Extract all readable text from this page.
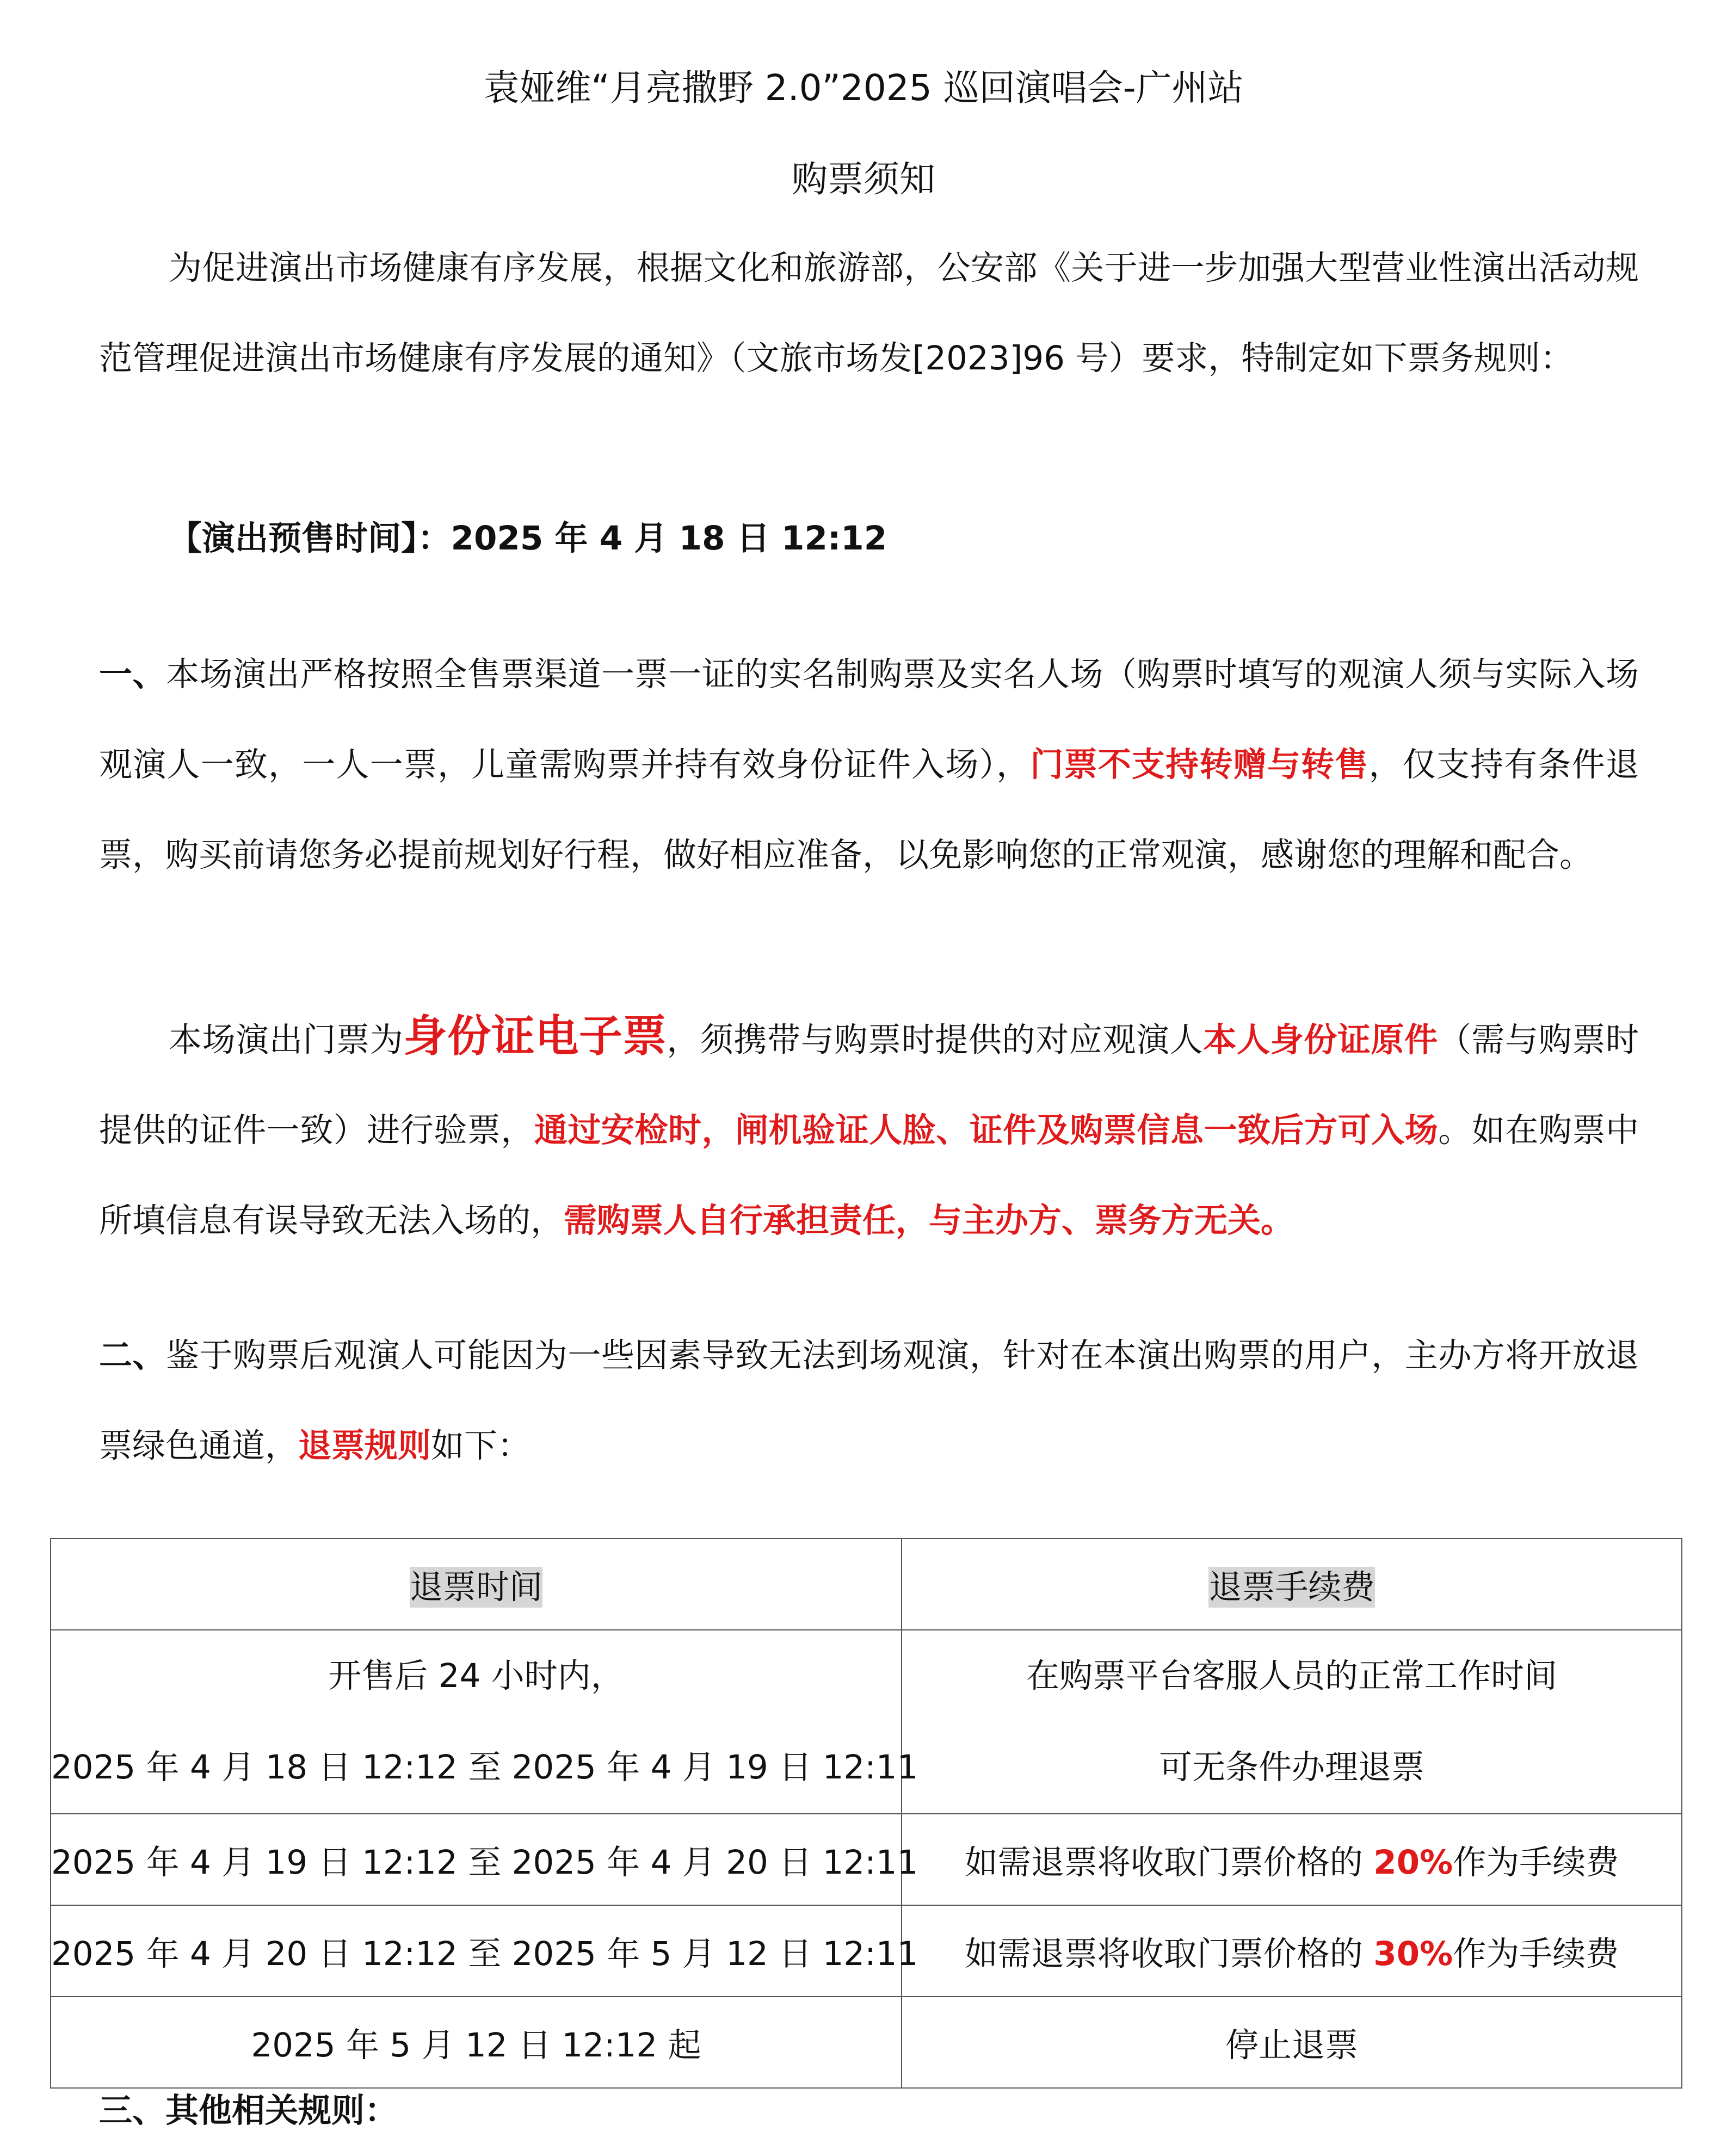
袁娅维“月亮撒野 2.0”2025 巡回演唱会-广州站
购票须知
为促进演出市场健康有序发展，根据文化和旅游部，公安部《关于进一步加强大型营业性演出活动规范管理促进演出市场健康有序发展的通知》（文旅市场发[2023]96 号）要求，特制定如下票务规则：
【演出预售时间】：2025 年 4 月 18 日 12:12
一、本场演出严格按照全售票渠道一票一证的实名制购票及实名人场（购票时填写的观演人须与实际入场观演人一致，一人一票，儿童需购票并持有效身份证件入场），门票不支持转赠与转售，仅支持有条件退票，购买前请您务必提前规划好行程，做好相应准备，以免影响您的正常观演，感谢您的理解和配合。
本场演出门票为身份证电子票，须携带与购票时提供的对应观演人本人身份证原件（需与购票时提供的证件一致）进行验票，通过安检时，闸机验证人脸、证件及购票信息一致后方可入场。如在购票中所填信息有误导致无法入场的，需购票人自行承担责任，与主办方、票务方无关。
二、鉴于购票后观演人可能因为一些因素导致无法到场观演，针对在本演出购票的用户，主办方将开放退票绿色通道，退票规则如下：
退票时间	退票手续费

开售后 24 小时内，
2025 年 4 月 18 日 12:12 至 2025 年 4 月 19 日 12:11	在购票平台客服人员的正常工作时间
可无条件办理退票

2025 年 4 月 19 日 12:12 至 2025 年 4 月 20 日 12:11	如需退票将收取门票价格的 20%作为手续费
2025 年 4 月 20 日 12:12 至 2025 年 5 月 12 日 12:11	如需退票将收取门票价格的 30%作为手续费
2025 年 5 月 12 日 12:12 起	停止退票
三、其他相关规则：
